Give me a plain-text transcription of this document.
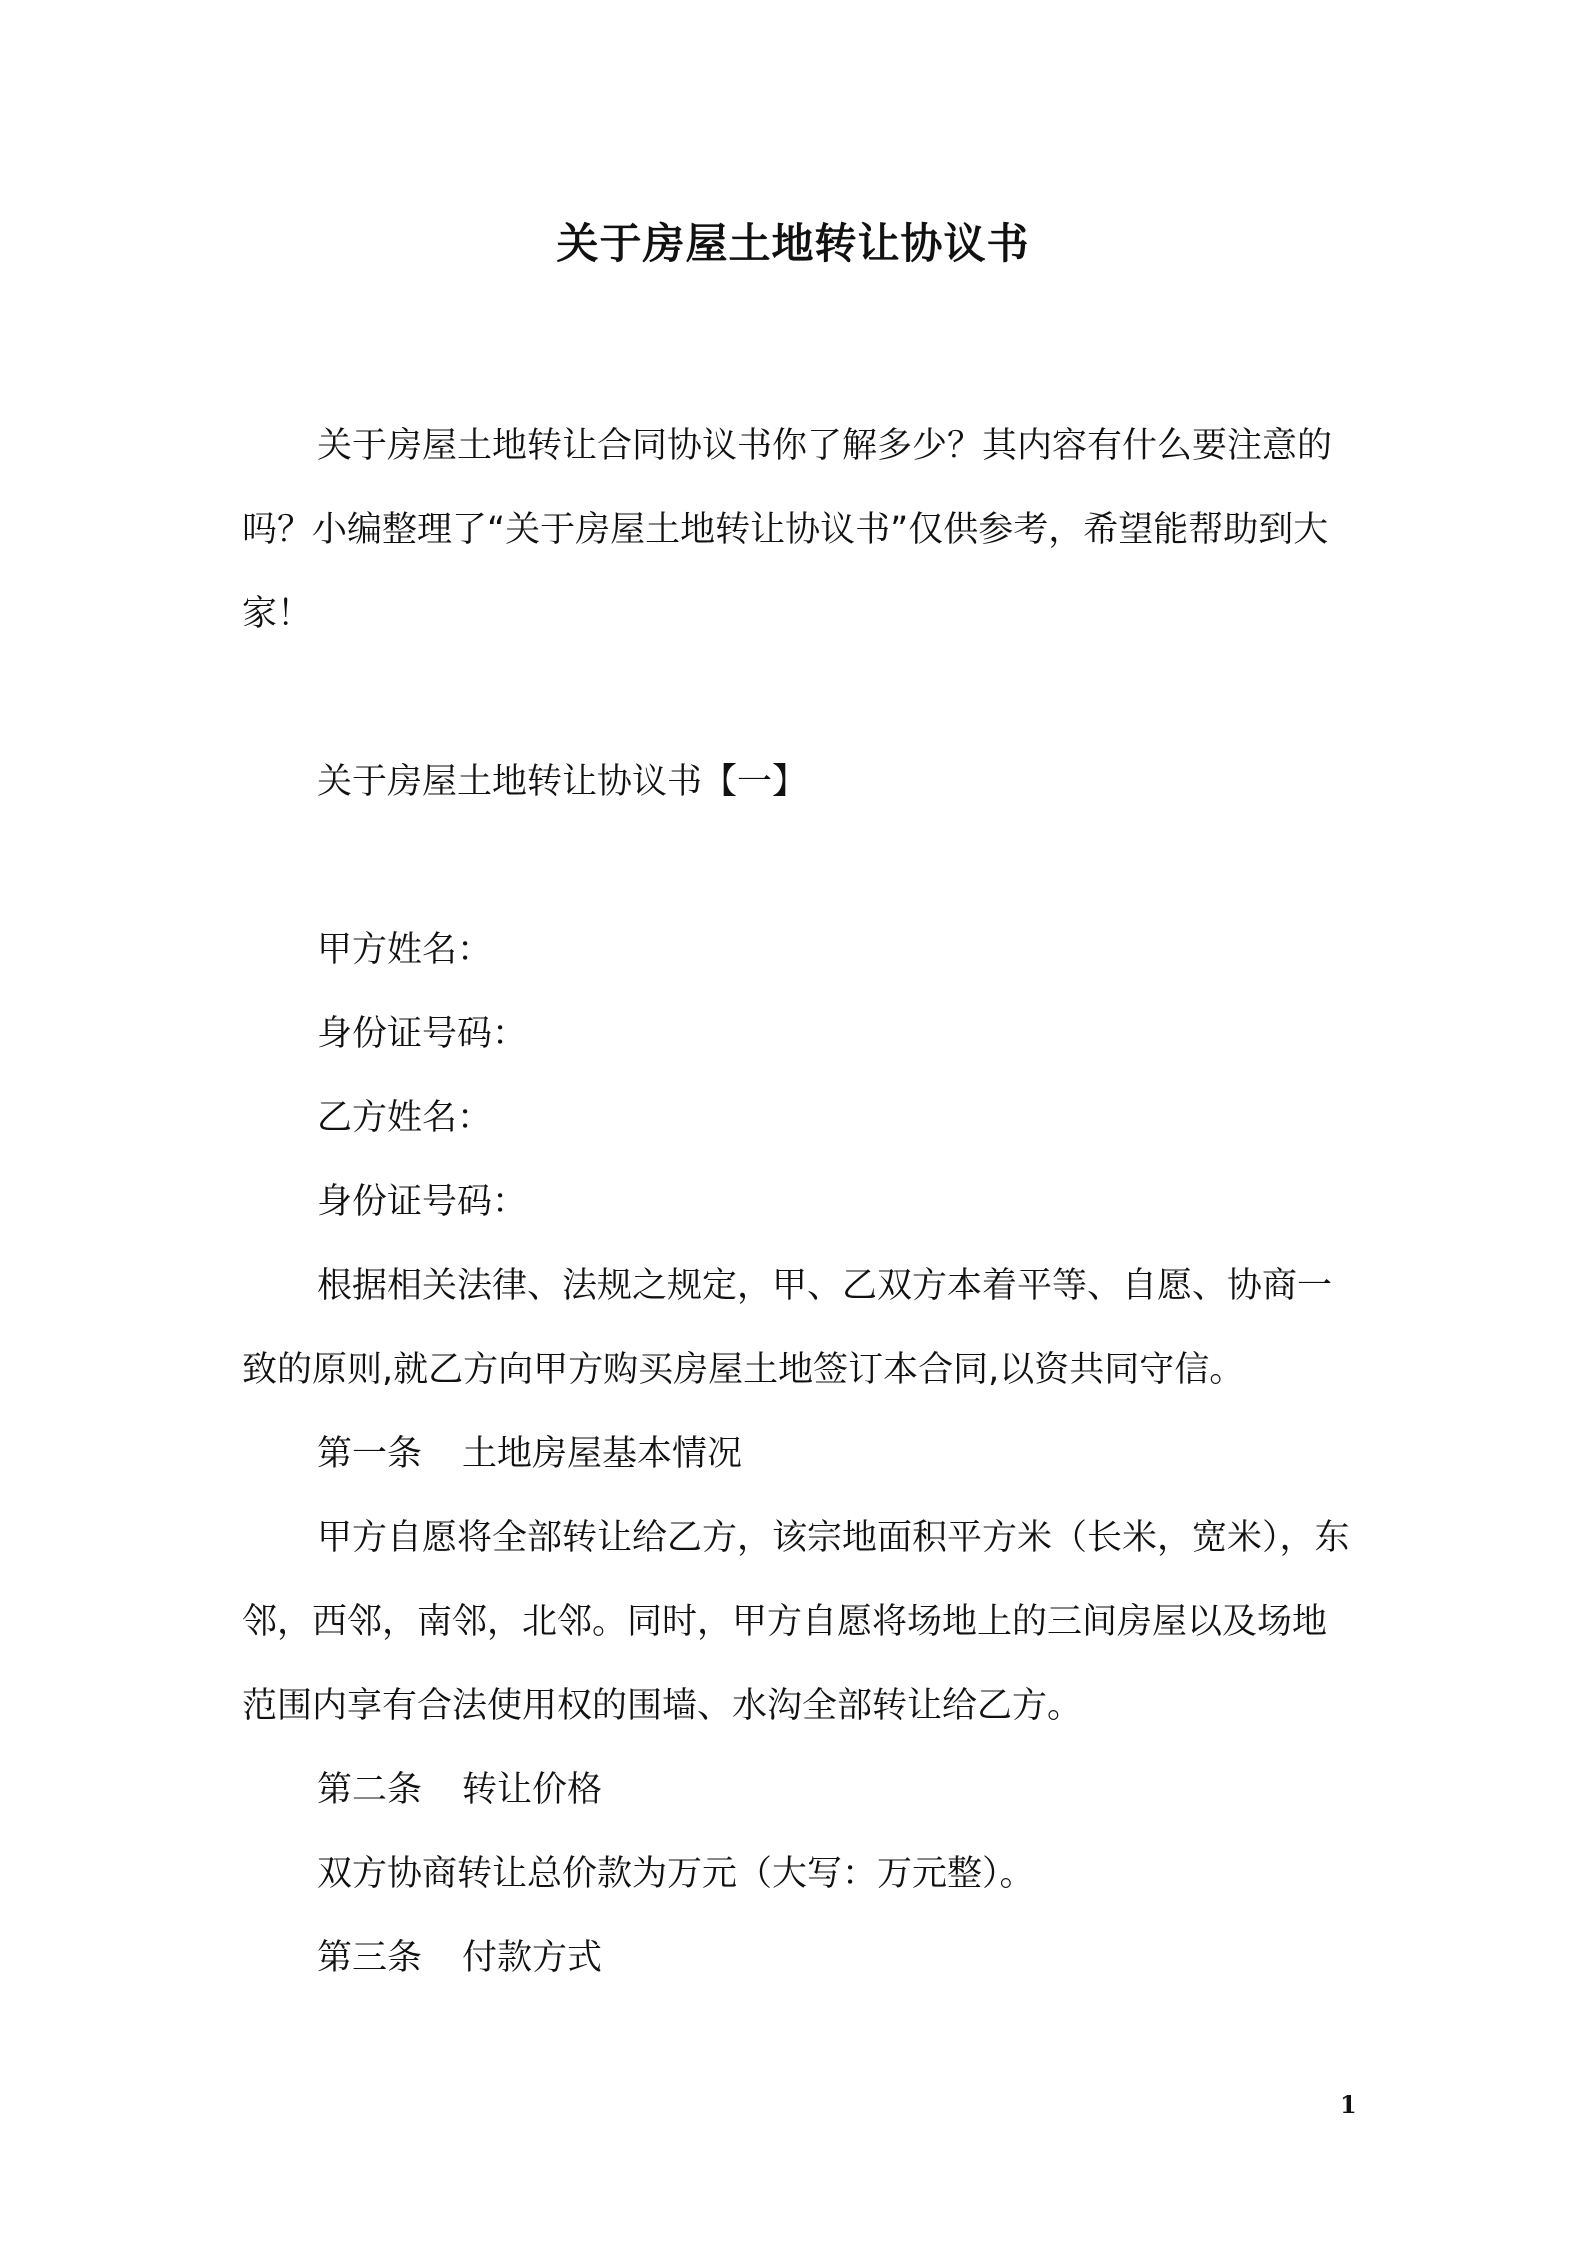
关于房屋土地转让协议书

关于房屋土地转让合同协议书你了解多少？其内容有什么要注意的吗？小编整理了“关于房屋土地转让协议书”仅供参考，希望能帮助到大家！

关于房屋土地转让协议书【一】

甲方姓名：

身份证号码：

乙方姓名：

身份证号码：

根据相关法律、法规之规定，甲、乙双方本着平等、自愿、协商一致的原则,就乙方向甲方购买房屋土地签订本合同,以资共同守信。

第一条 土地房屋基本情况

甲方自愿将全部转让给乙方，该宗地面积平方米（长米，宽米），东邻，西邻，南邻，北邻。同时，甲方自愿将场地上的三间房屋以及场地范围内享有合法使用权的围墙、水沟全部转让给乙方。

第二条 转让价格

双方协商转让总价款为万元（大写：万元整）。

第三条 付款方式

1
